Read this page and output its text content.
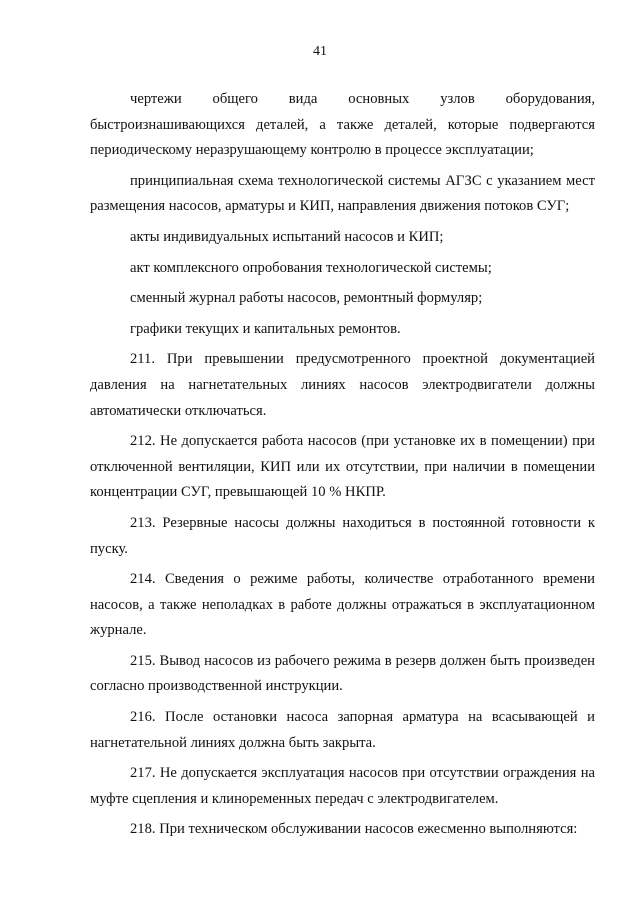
41

чертежи общего вида основных узлов оборудования, быстроизнашивающихся деталей, а также деталей, которые подвергаются периодическому неразрушающему контролю в процессе эксплуатации;

принципиальная схема технологической системы АГЗС с указанием мест размещения насосов, арматуры и КИП, направления движения потоков СУГ;

акты индивидуальных испытаний насосов и КИП;

акт комплексного опробования технологической системы;

сменный журнал работы насосов, ремонтный формуляр;

графики текущих и капитальных ремонтов.

211. При превышении предусмотренного проектной документацией давления на нагнетательных линиях насосов электродвигатели должны автоматически отключаться.

212. Не допускается работа насосов (при установке их в помещении) при отключенной вентиляции, КИП или их отсутствии, при наличии в помещении концентрации СУГ, превышающей 10 % НКПР.

213. Резервные насосы должны находиться в постоянной готовности к пуску.

214. Сведения о режиме работы, количестве отработанного времени насосов, а также неполадках в работе должны отражаться в эксплуатационном журнале.

215. Вывод насосов из рабочего режима в резерв должен быть произведен согласно производственной инструкции.

216. После остановки насоса запорная арматура на всасывающей и нагнетательной линиях должна быть закрыта.

217. Не допускается эксплуатация насосов при отсутствии ограждения на муфте сцепления и клиноременных передач с электродвигателем.

218. При техническом обслуживании насосов ежесменно выполняются:
